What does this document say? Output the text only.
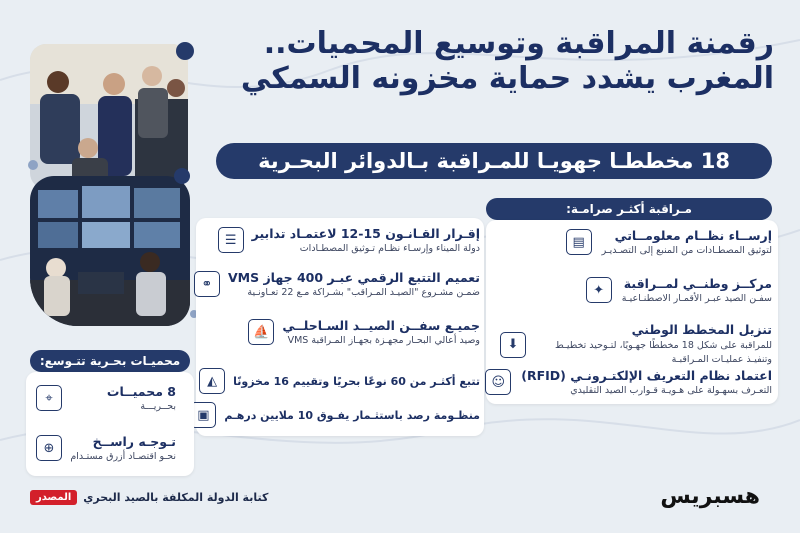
رقمنة المراقبة وتوسيع المحميات..
المغرب يشدد حماية مخزونه السمكي
18 مخططـا جهويـا للمـراقبة بـالدوائر البحـرية
مـراقبة أكثـر صرامـة:
إرســاء نظــام معلومــاتي
لتوثيق المصطـادات من المنبع إلى التصـديـر
▤
مركــز وطنــي لمــراقبة
سفـن الصيد عبـر الأقمـار الاصطنـاعيـة
✦
تنزيل المخطط الوطني
للمراقبة على شكل 18 مخططًا جهـويًا، لتـوحيد تخطيـط وتنفيـذ عمليـات المـراقبـة
⬇
اعتماد نظام التعريف الإلكتـرونـي (RFID)
التعـرف بسهـولة على هـويـة قـوارب الصيد التقليدي
☺
إقـرار القـانـون 15-12 لاعتمـاد تدابير
دولة الميناء وإرسـاء نظـام تـوثيق المصطـادات
☰
تعميم التتبع الرقمي عبـر 400 جهاز VMS
ضمـن مشـروع "الصيـد المـراقب" بشـراكة مـع 22 تعـاونـية
⚭
جميـع سفــن الصيــد السـاحلــي
وصيد أعالي البحـار مجهـزة بجهـاز المـراقبة VMS
⛵
تتبع أكثـر من 60 نوعًا بحريًا وتقييم 16 مخزونًا
◭
منظـومة رصد باستثـمار يفـوق 10 ملايين درهـم
▣
محميـات بحـرية تتـوسع:
⌖	8 محميــات
بحــريـــة
⊕	تـوجـه راســخ
نحـو اقتصـاد أزرق مستـدام
كتابة الدولة المكلفة بالصيد البحري
المصدر	هسبريس
